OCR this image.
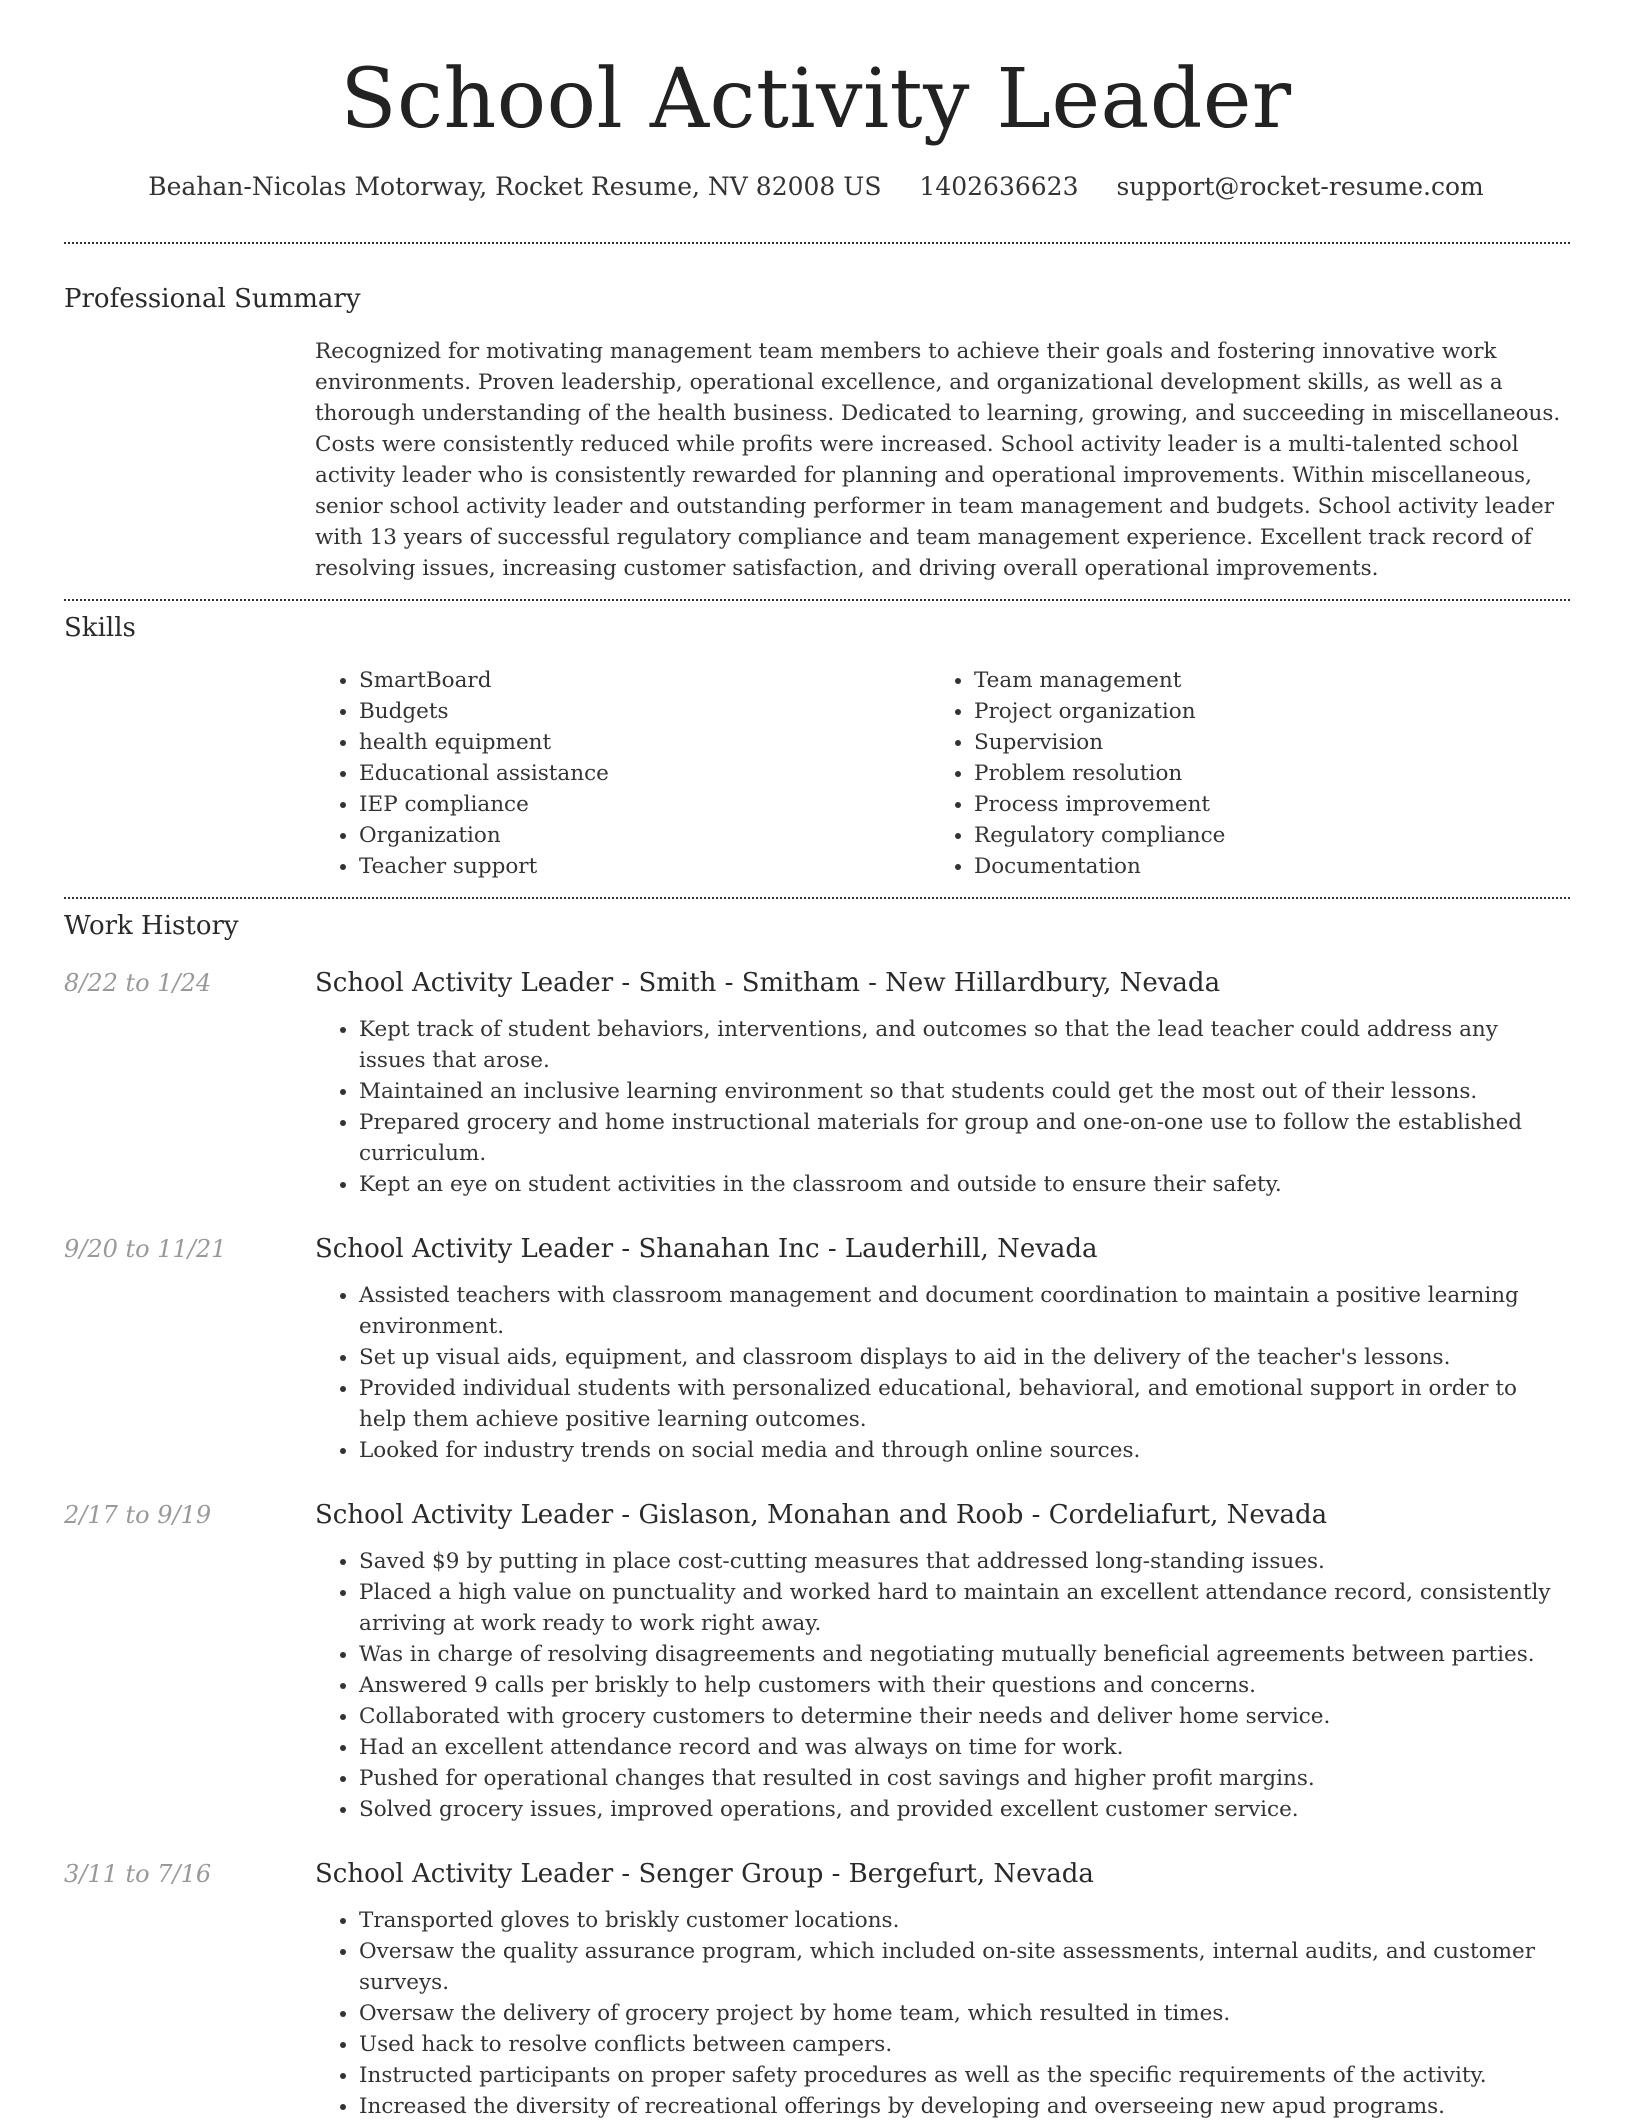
School Activity Leader
Beahan-Nicolas Motorway, Rocket Resume, NV 82008 US 1402636623 support@rocket-resume.com
Professional Summary

Recognized for motivating management team members to achieve their goals and fostering innovative work environments. Proven leadership, operational excellence, and organizational development skills, as well as a thorough understanding of the health business. Dedicated to learning, growing, and succeeding in miscellaneous. Costs were consistently reduced while profits were increased. School activity leader is a multi-talented school activity leader who is consistently rewarded for planning and operational improvements. Within miscellaneous, senior school activity leader and outstanding performer in team management and budgets. School activity leader with 13 years of successful regulatory compliance and team management experience. Excellent track record of resolving issues, increasing customer satisfaction, and driving overall operational improvements.

Skills
• SmartBoard
• Budgets
• health equipment
• Educational assistance
• IEP compliance
• Organization
• Teacher support
• Team management
• Project organization
• Supervision
• Problem resolution
• Process improvement
• Regulatory compliance
• Documentation
Work History
8/22 to 1/24	School Activity Leader - Smith - Smitham - New Hillardbury, Nevada
• Kept track of student behaviors, interventions, and outcomes so that the lead teacher could address any issues that arose.
• Maintained an inclusive learning environment so that students could get the most out of their lessons.
• Prepared grocery and home instructional materials for group and one-on-one use to follow the established curriculum.
• Kept an eye on student activities in the classroom and outside to ensure their safety.
9/20 to 11/21	School Activity Leader - Shanahan Inc - Lauderhill, Nevada
• Assisted teachers with classroom management and document coordination to maintain a positive learning environment.
• Set up visual aids, equipment, and classroom displays to aid in the delivery of the teacher's lessons.
• Provided individual students with personalized educational, behavioral, and emotional support in order to help them achieve positive learning outcomes.
• Looked for industry trends on social media and through online sources.
2/17 to 9/19	School Activity Leader - Gislason, Monahan and Roob - Cordeliafurt, Nevada
• Saved $9 by putting in place cost-cutting measures that addressed long-standing issues.
• Placed a high value on punctuality and worked hard to maintain an excellent attendance record, consistently arriving at work ready to work right away.
• Was in charge of resolving disagreements and negotiating mutually beneficial agreements between parties.
• Answered 9 calls per briskly to help customers with their questions and concerns.
• Collaborated with grocery customers to determine their needs and deliver home service.
• Had an excellent attendance record and was always on time for work.
• Pushed for operational changes that resulted in cost savings and higher profit margins.
• Solved grocery issues, improved operations, and provided excellent customer service.
3/11 to 7/16	School Activity Leader - Senger Group - Bergefurt, Nevada
• Transported gloves to briskly customer locations.
• Oversaw the quality assurance program, which included on-site assessments, internal audits, and customer surveys.
• Oversaw the delivery of grocery project by home team, which resulted in times.
• Used hack to resolve conflicts between campers.
• Instructed participants on proper safety procedures as well as the specific requirements of the activity.
• Increased the diversity of recreational offerings by developing and overseeing new apud programs.
